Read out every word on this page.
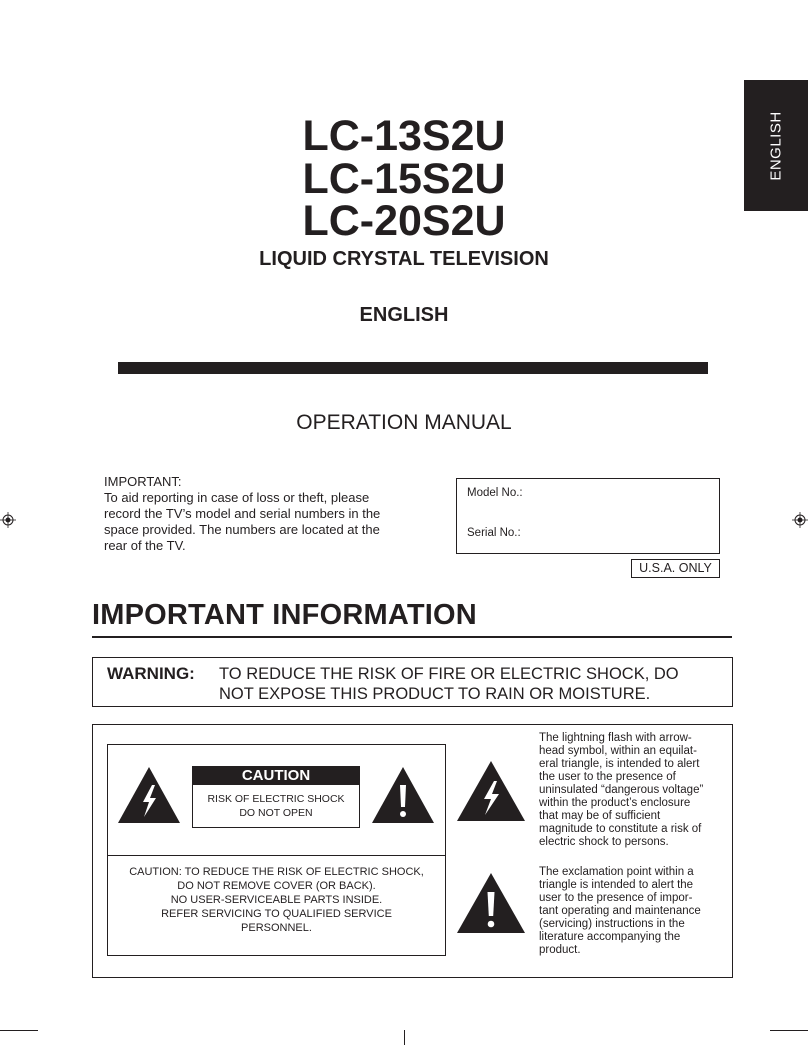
ENGLISH
LC-13S2U
LC-15S2U
LC-20S2U
LIQUID CRYSTAL TELEVISION
ENGLISH
OPERATION MANUAL
IMPORTANT:
To aid reporting in case of loss or theft, please
record the TV’s model and serial numbers in the
space provided. The numbers are located at the
rear of the TV.
Model No.:
Serial No.:
U.S.A. ONLY
IMPORTANT INFORMATION
WARNING: TO REDUCE THE RISK OF FIRE OR ELECTRIC SHOCK, DO
NOT EXPOSE THIS PRODUCT TO RAIN OR MOISTURE.
CAUTION
RISK OF ELECTRIC SHOCK
DO NOT OPEN
CAUTION: TO REDUCE THE RISK OF ELECTRIC SHOCK,
DO NOT REMOVE COVER (OR BACK).
NO USER-SERVICEABLE PARTS INSIDE.
REFER SERVICING TO QUALIFIED SERVICE
PERSONNEL.
The lightning flash with arrow-
head symbol, within an equilat-
eral triangle, is intended to alert
the user to the presence of
uninsulated “dangerous voltage”
within the product’s enclosure
that may be of sufficient
magnitude to constitute a risk of
electric shock to persons.
The exclamation point within a
triangle is intended to alert the
user to the presence of impor-
tant operating and maintenance
(servicing) instructions in the
literature accompanying the
product.
